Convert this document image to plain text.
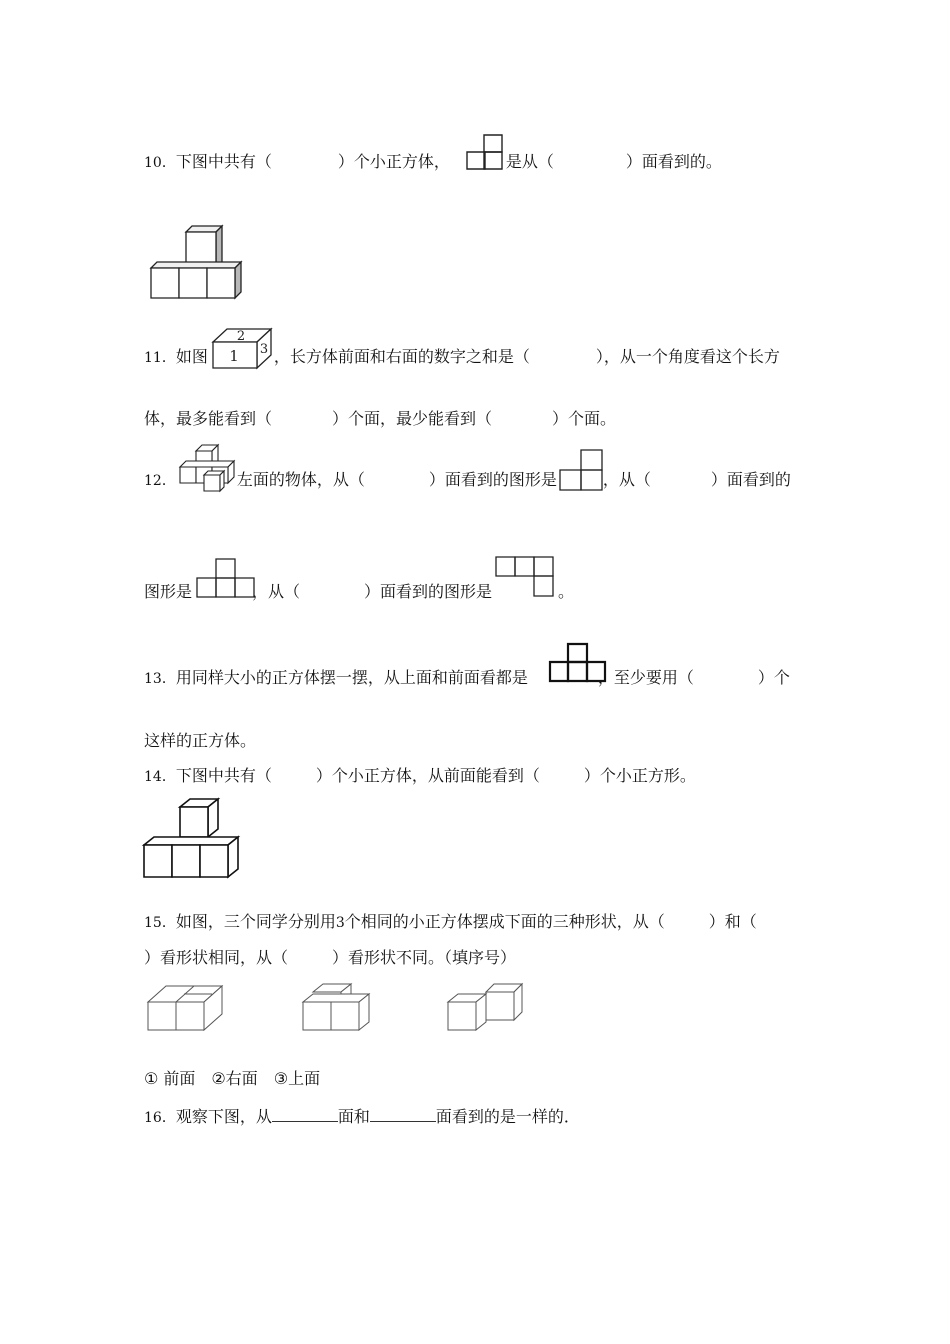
10．下图中共有（	）个小正方体，	是从（	）面看到的。
11．如图	，长方体前面和右面的数字之和是（	），从一个角度看这个长方
2
1 3
体，最多能看到（	）个面，最少能看到（	）个面。
12．	左面的物体，从（	）面看到的图形是	，从（	）面看到的
图形是	，从（	）面看到的图形是	。
13．用同样大小的正方体摆一摆，从上面和前面看都是	，至少要用（	）个
这样的正方体。
14．下图中共有（	）个小正方体，从前面能看到（	）个小正方形。
15．如图，三个同学分别用3个相同的小正方体摆成下面的三种形状，从（	）和（
）看形状相同，从（	）看形状不同。（填序号）
① 前面　②右面　③上面
16．观察下图，从	面和	面看到的是一样的．
